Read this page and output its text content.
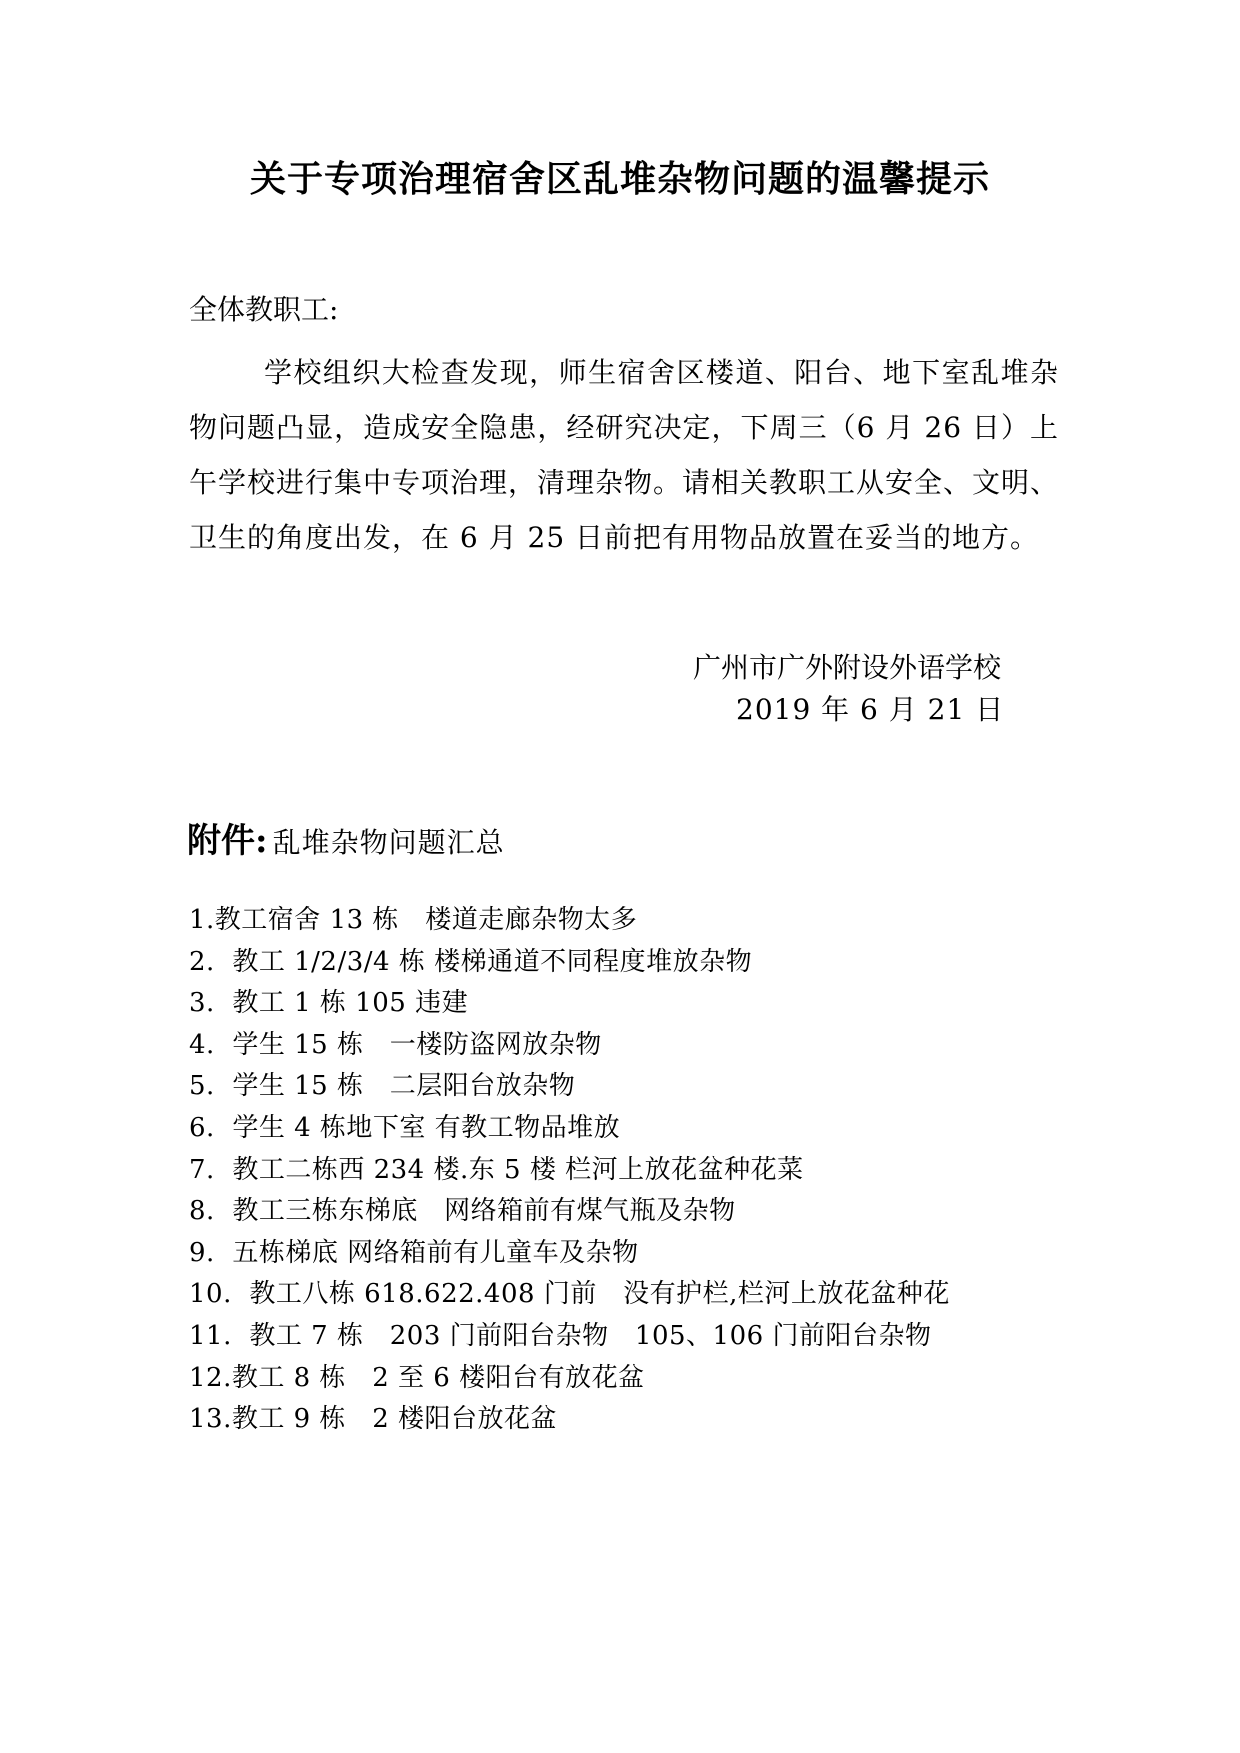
关于专项治理宿舍区乱堆杂物问题的温馨提示
全体教职工:

学校组织大检查发现，师生宿舍区楼道、阳台、地下室乱堆杂物问题凸显，造成安全隐患，经研究决定，下周三（6 月 26 日）上午学校进行集中专项治理，清理杂物。请相关教职工从安全、文明、卫生的角度出发，在 6 月 25 日前把有用物品放置在妥当的地方。

广州市广外附设外语学校
2019 年 6 月 21 日
附件: 乱堆杂物问题汇总
1.教工宿舍 13 栋   楼道走廊杂物太多
2.  教工 1/2/3/4 栋 楼梯通道不同程度堆放杂物
3.  教工 1 栋 105 违建
4.  学生 15 栋   一楼防盗网放杂物
5.  学生 15 栋   二层阳台放杂物
6.  学生 4 栋地下室 有教工物品堆放
7.  教工二栋西 234 楼.东 5 楼 栏河上放花盆种花菜
8.  教工三栋东梯底   网络箱前有煤气瓶及杂物
9.  五栋梯底 网络箱前有儿童车及杂物
10.  教工八栋 618.622.408 门前   没有护栏,栏河上放花盆种花
11.  教工 7 栋   203 门前阳台杂物   105、106 门前阳台杂物
12.教工 8 栋   2 至 6 楼阳台有放花盆
13.教工 9 栋   2 楼阳台放花盆
